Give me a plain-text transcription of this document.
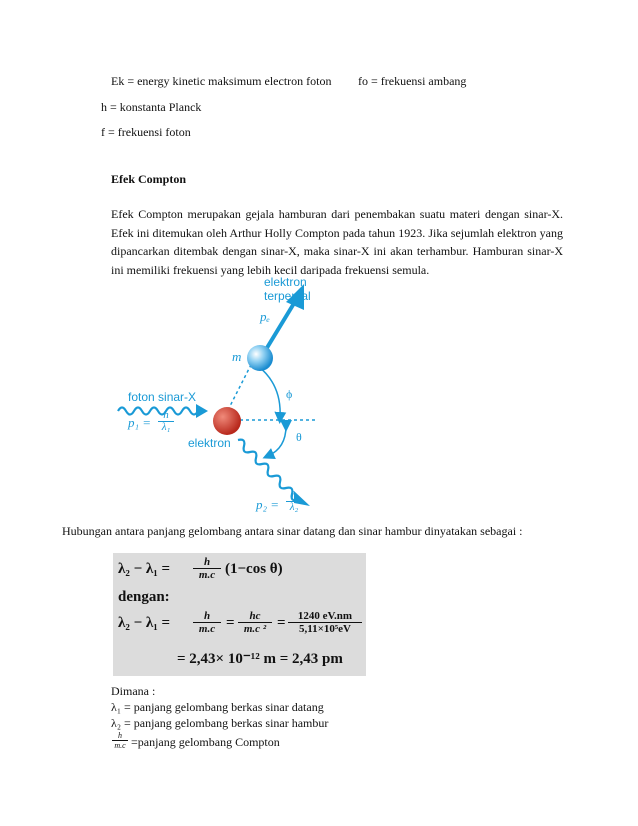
Ek = energy kinetic maksimum electron foton fo = frekuensi ambang
h = konstanta Planck
f = frekuensi foton
Efek Compton
Efek Compton merupakan gejala hamburan dari penembakan suatu materi dengan sinar-X. Efek ini ditemukan oleh Arthur Holly Compton pada tahun 1923. Jika sejumlah elektron yang dipancarkan ditembak dengan sinar-X, maka sinar-X ini akan terhambur. Hamburan sinar-X ini memiliki frekuensi yang lebih kecil daripada frekuensi semula.
elektron
terpental
pₑ
m
foton sinar-X
$p_1 = \frac{h}{\text{λ₁}}$
elektron
ϕ
θ
$p_2 = \frac{h}{\text{λ₂}}$
Hubungan antara panjang gelombang antara sinar datang dan sinar hambur dinyatakan sebagai :
$\lambda_2 - \lambda_1 = \frac{h}{m.c} (1-\cos$ θ)
dengan:
$\lambda_2 - \lambda_1 = \frac{h}{m.c} = \frac{hc}{\text{m.c ²}} = \frac{1240 eV.nm}{\text{5,11×10⁵eV}}$
= 2,43× 10⁻¹² m = 2,43 pm
Dimana :
λ₁ = panjang gelombang berkas sinar datang
λ₂ = panjang gelombang berkas sinar hambur
$\frac{h}{m.c}$ =panjang gelombang Compton
